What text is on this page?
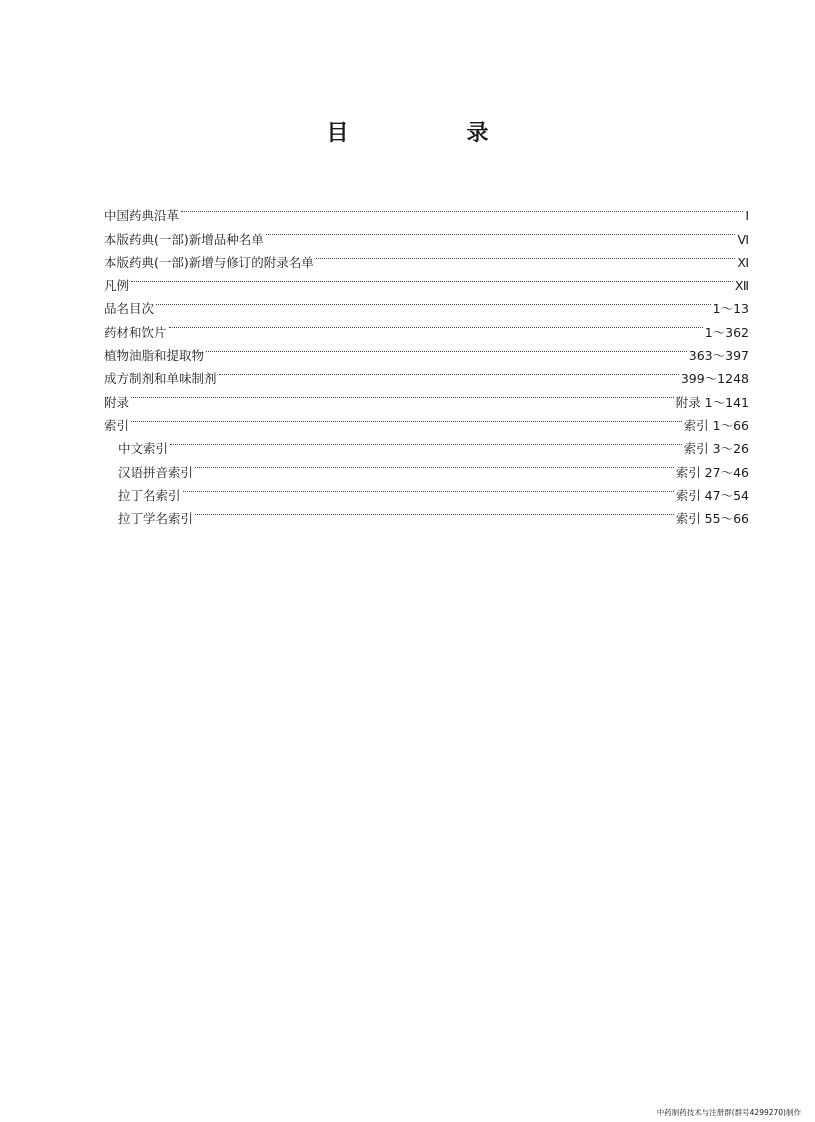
目　录
中国药典沿革	Ⅰ
本版药典(一部)新增品种名单	Ⅵ
本版药典(一部)新增与修订的附录名单	Ⅺ
凡例	Ⅻ
品名目次	1～13
药材和饮片	1～362
植物油脂和提取物	363～397
成方制剂和单味制剂	399～1248
附录	附录 1～141
索引	索引 1～66
中文索引	索引 3～26
汉语拼音索引	索引 27～46
拉丁名索引	索引 47～54
拉丁学名索引	索引 55～66
中药制药技术与注册群(群号4299270)制作
